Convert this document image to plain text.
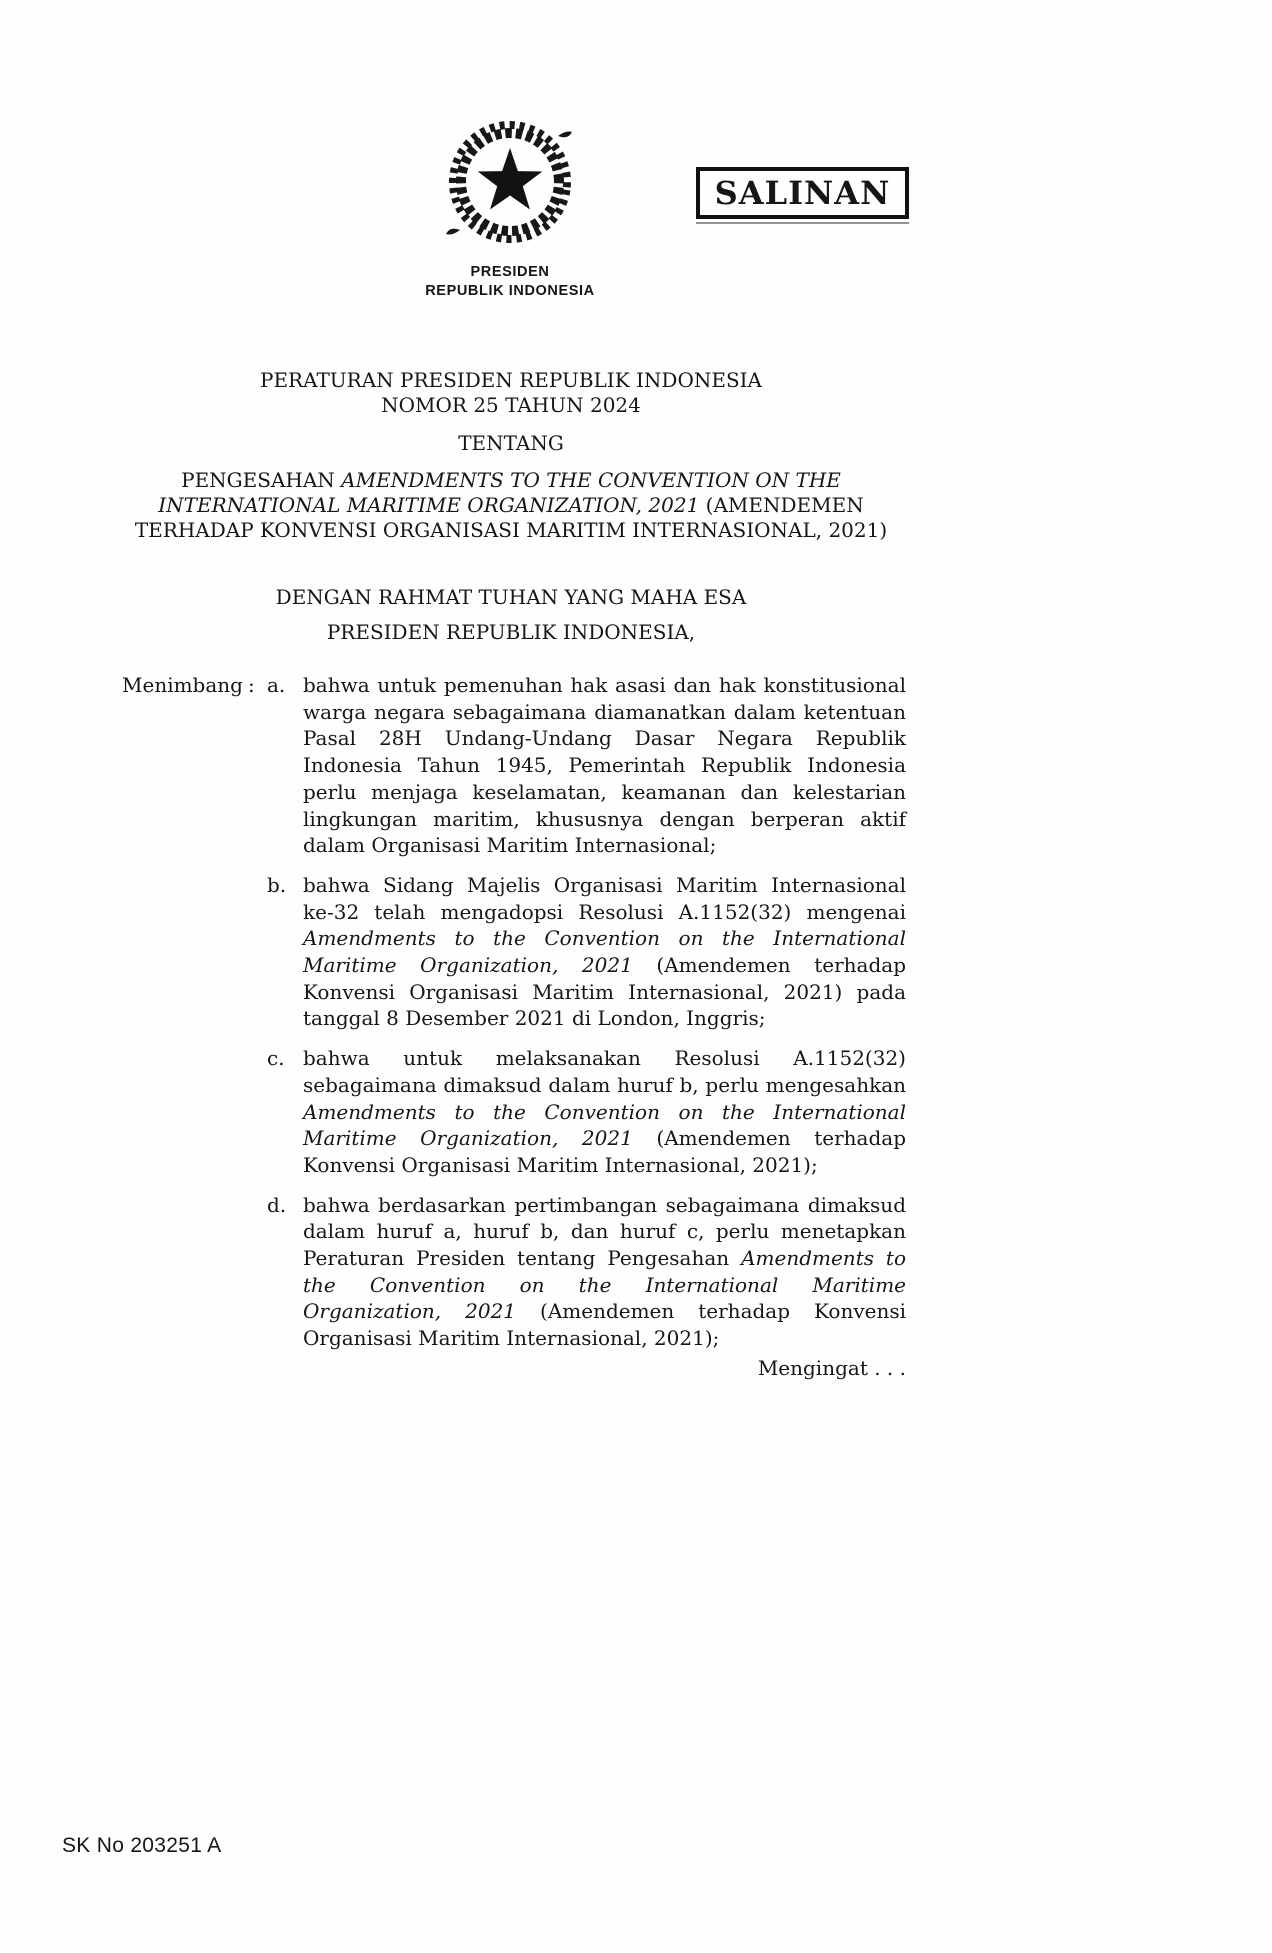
SALINAN
PRESIDEN
REPUBLIK INDONESIA

PERATURAN PRESIDEN REPUBLIK INDONESIA

NOMOR 25 TAHUN 2024

TENTANG

PENGESAHAN AMENDMENTS TO THE CONVENTION ON THE INTERNATIONAL MARITIME ORGANIZATION, 2021 (AMENDEMEN TERHADAP KONVENSI ORGANISASI MARITIM INTERNASIONAL, 2021)

DENGAN RAHMAT TUHAN YANG MAHA ESA

PRESIDEN REPUBLIK INDONESIA,

Menimbang : a. bahwa untuk pemenuhan hak asasi dan hak konstitusional warga negara sebagaimana diamanatkan dalam ketentuan Pasal 28H Undang-Undang Dasar Negara Republik Indonesia Tahun 1945, Pemerintah Republik Indonesia perlu menjaga keselamatan, keamanan dan kelestarian lingkungan maritim, khususnya dengan berperan aktif dalam Organisasi Maritim Internasional;
b. bahwa Sidang Majelis Organisasi Maritim Internasional ke-32 telah mengadopsi Resolusi A.1152(32) mengenai Amendments to the Convention on the International Maritime Organization, 2021 (Amendemen terhadap Konvensi Organisasi Maritim Internasional, 2021) pada tanggal 8 Desember 2021 di London, Inggris;
c. bahwa untuk melaksanakan Resolusi A.1152(32) sebagaimana dimaksud dalam huruf b, perlu mengesahkan Amendments to the Convention on the International Maritime Organization, 2021 (Amendemen terhadap Konvensi Organisasi Maritim Internasional, 2021);
d. bahwa berdasarkan pertimbangan sebagaimana dimaksud dalam huruf a, huruf b, dan huruf c, perlu menetapkan Peraturan Presiden tentang Pengesahan Amendments to the Convention on the International Maritime Organization, 2021 (Amendemen terhadap Konvensi Organisasi Maritim Internasional, 2021);
Mengingat . . .
SK No 203251 A
